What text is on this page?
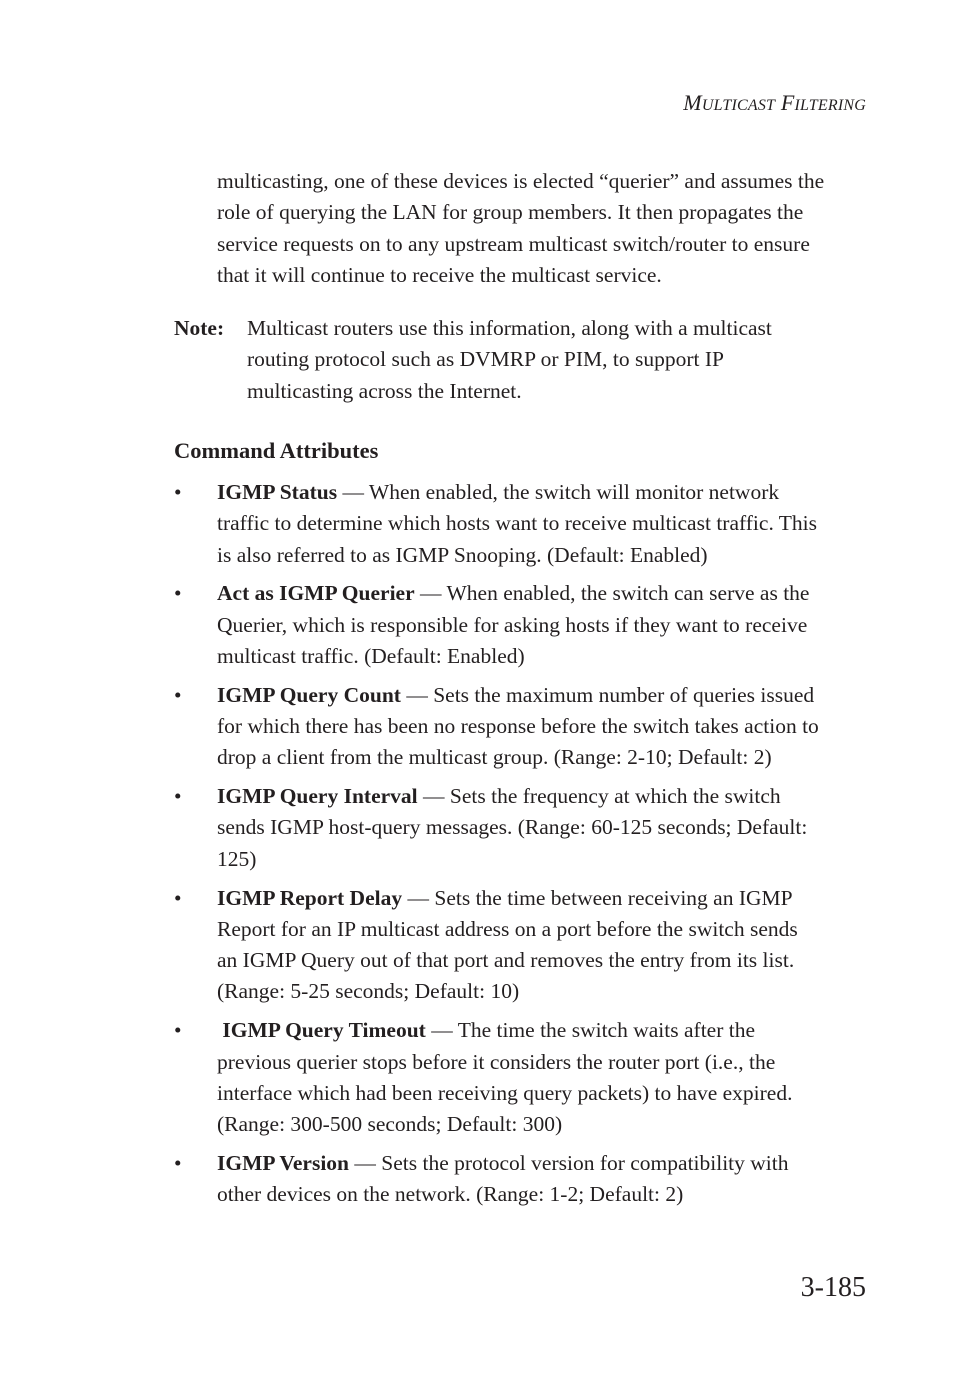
MULTICAST FILTERING
multicasting, one of these devices is elected “querier” and assumes the
role of querying the LAN for group members. It then propagates the
service requests on to any upstream multicast switch/router to ensure
that it will continue to receive the multicast service.
Note: Multicast routers use this information, along with a multicast
routing protocol such as DVMRP or PIM, to support IP
multicasting across the Internet.
Command Attributes
• IGMP Status — When enabled, the switch will monitor network
traffic to determine which hosts want to receive multicast traffic. This
is also referred to as IGMP Snooping. (Default: Enabled)
• Act as IGMP Querier — When enabled, the switch can serve as the
Querier, which is responsible for asking hosts if they want to receive
multicast traffic. (Default: Enabled)
• IGMP Query Count — Sets the maximum number of queries issued
for which there has been no response before the switch takes action to
drop a client from the multicast group. (Range: 2-10; Default: 2)
• IGMP Query Interval — Sets the frequency at which the switch
sends IGMP host-query messages. (Range: 60-125 seconds; Default:
125)
• IGMP Report Delay — Sets the time between receiving an IGMP
Report for an IP multicast address on a port before the switch sends
an IGMP Query out of that port and removes the entry from its list.
(Range: 5-25 seconds; Default: 10)
• IGMP Query Timeout — The time the switch waits after the
previous querier stops before it considers the router port (i.e., the
interface which had been receiving query packets) to have expired.
(Range: 300-500 seconds; Default: 300)
• IGMP Version — Sets the protocol version for compatibility with
other devices on the network. (Range: 1-2; Default: 2)
3-185
